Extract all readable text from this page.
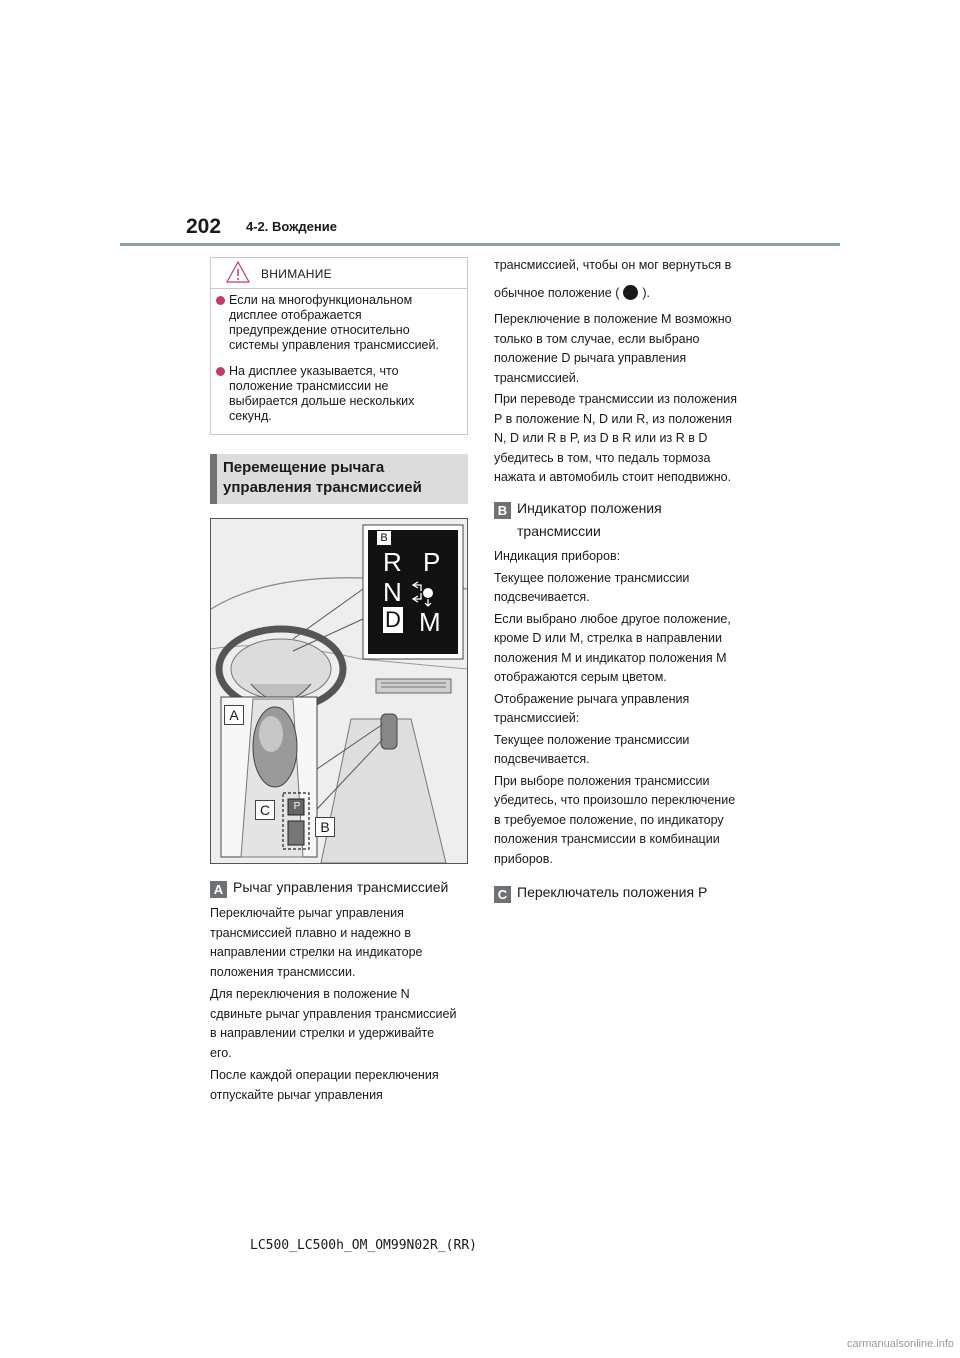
202 4-2. Вождение
ВНИМАНИЕ
Если на многофункциональном
дисплее отображается
предупреждение относительно
системы управления трансмиссией.
На дисплее указывается, что
положение трансмиссии не
выбирается дольше нескольких
секунд.
Перемещение рычага
управления трансмиссией
B
R P
N
D M
A
C
B
P
A Рычаг управления трансмиссией
Переключайте рычаг управления
трансмиссией плавно и надежно в
направлении стрелки на индикаторе
положения трансмиссии.
Для переключения в положение N
сдвиньте рычаг управления трансмиссией
в направлении стрелки и удерживайте
его.
После каждой операции переключения
отпускайте рычаг управления
трансмиссией, чтобы он мог вернуться в
обычное положение ( ).
Переключение в положение M возможно
только в том случае, если выбрано
положение D рычага управления
трансмиссией.
При переводе трансмиссии из положения
P в положение N, D или R, из положения
N, D или R в P, из D в R или из R в D
убедитесь в том, что педаль тормоза
нажата и автомобиль стоит неподвижно.
B Индикатор положения
трансмиссии
Индикация приборов:
Текущее положение трансмиссии
подсвечивается.
Если выбрано любое другое положение,
кроме D или M, стрелка в направлении
положения M и индикатор положения M
отображаются серым цветом.
Отображение рычага управления
трансмиссией:
Текущее положение трансмиссии
подсвечивается.
При выборе положения трансмиссии
убедитесь, что произошло переключение
в требуемое положение, по индикатору
положения трансмиссии в комбинации
приборов.
C Переключатель положения P
LC500_LC500h_OM_OM99N02R_(RR)
carmanualsonline.info
